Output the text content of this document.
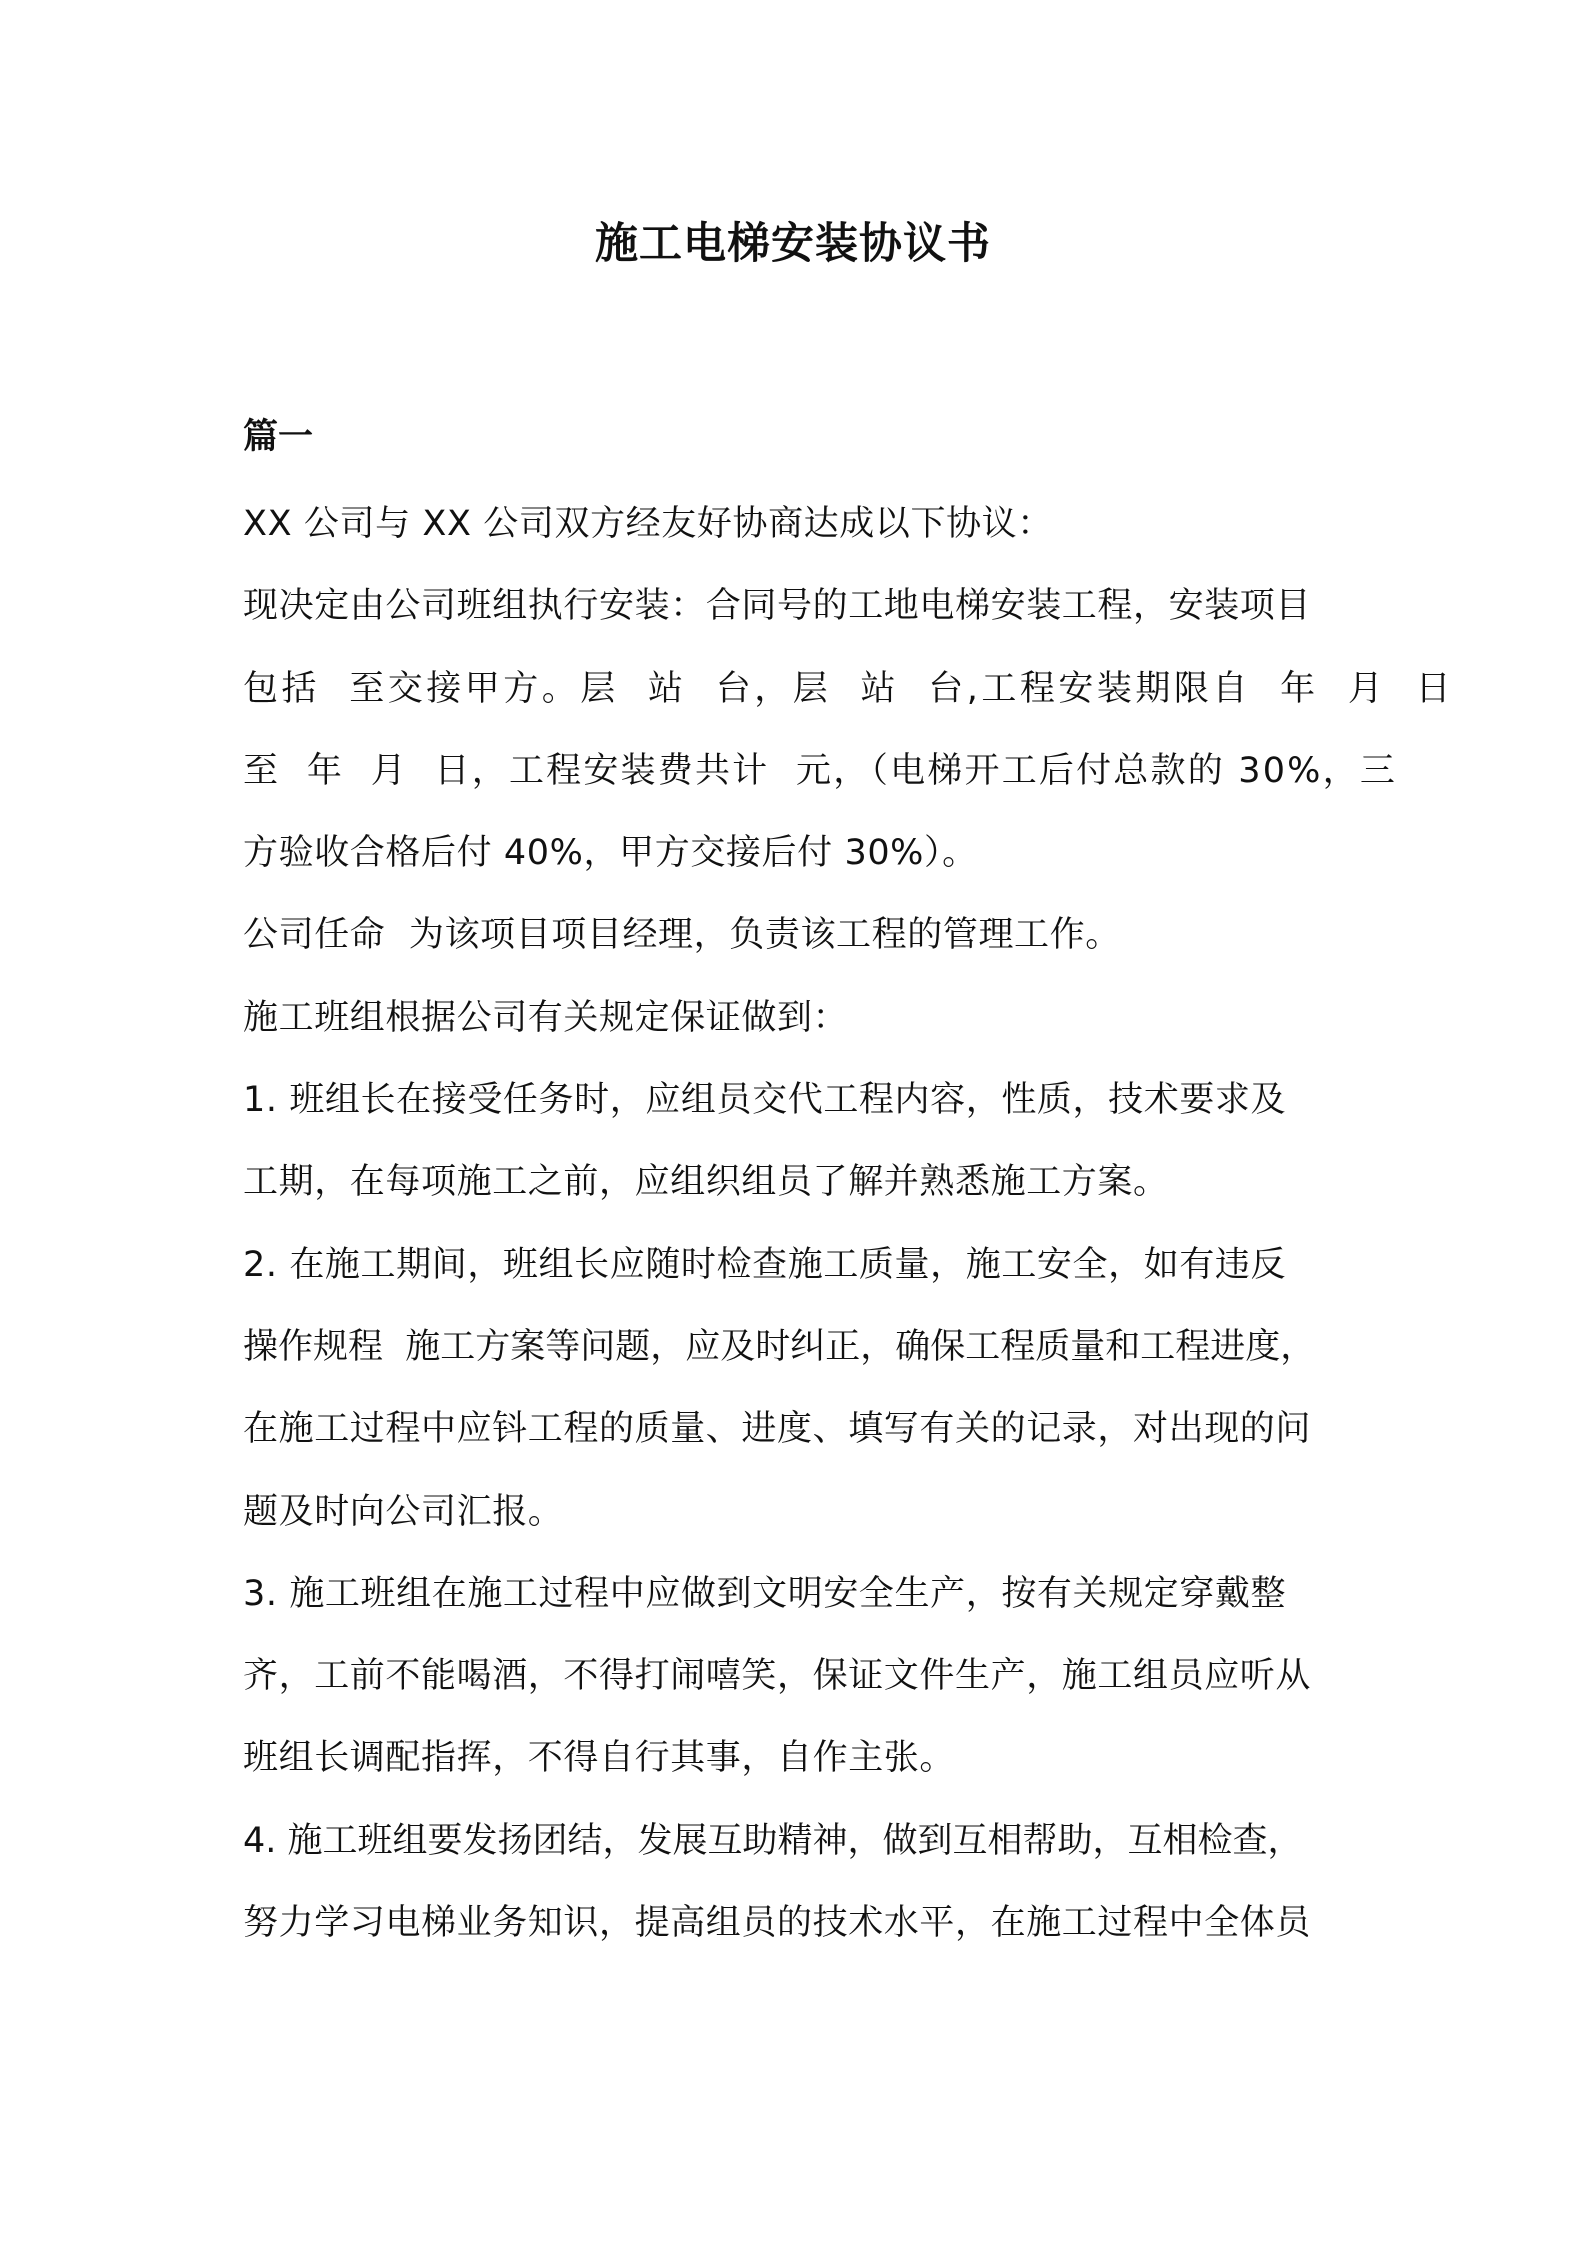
施工电梯安装协议书
篇一
XX 公司与 XX 公司双方经友好协商达成以下协议：
现决定由公司班组执行安装：合同号的工地电梯安装工程，安装项目
包括  至交接甲方。层  站  台，层  站  台,工程安装期限自  年  月  日
至  年  月  日，工程安装费共计  元，（电梯开工后付总款的 30%，三
方验收合格后付 40%，甲方交接后付 30%）。
公司任命  为该项目项目经理，负责该工程的管理工作。
施工班组根据公司有关规定保证做到：
1. 班组长在接受任务时，应组员交代工程内容，性质，技术要求及
工期，在每项施工之前，应组织组员了解并熟悉施工方案。
2. 在施工期间，班组长应随时检查施工质量，施工安全，如有违反
操作规程  施工方案等问题，应及时纠正，确保工程质量和工程进度，
在施工过程中应钭工程的质量、进度、填写有关的记录，对出现的问
题及时向公司汇报。
3. 施工班组在施工过程中应做到文明安全生产，按有关规定穿戴整
齐，工前不能喝酒，不得打闹嘻笑，保证文件生产，施工组员应听从
班组长调配指挥，不得自行其事，自作主张。
4. 施工班组要发扬团结，发展互助精神，做到互相帮助，互相检查，
努力学习电梯业务知识，提高组员的技术水平，在施工过程中全体员
